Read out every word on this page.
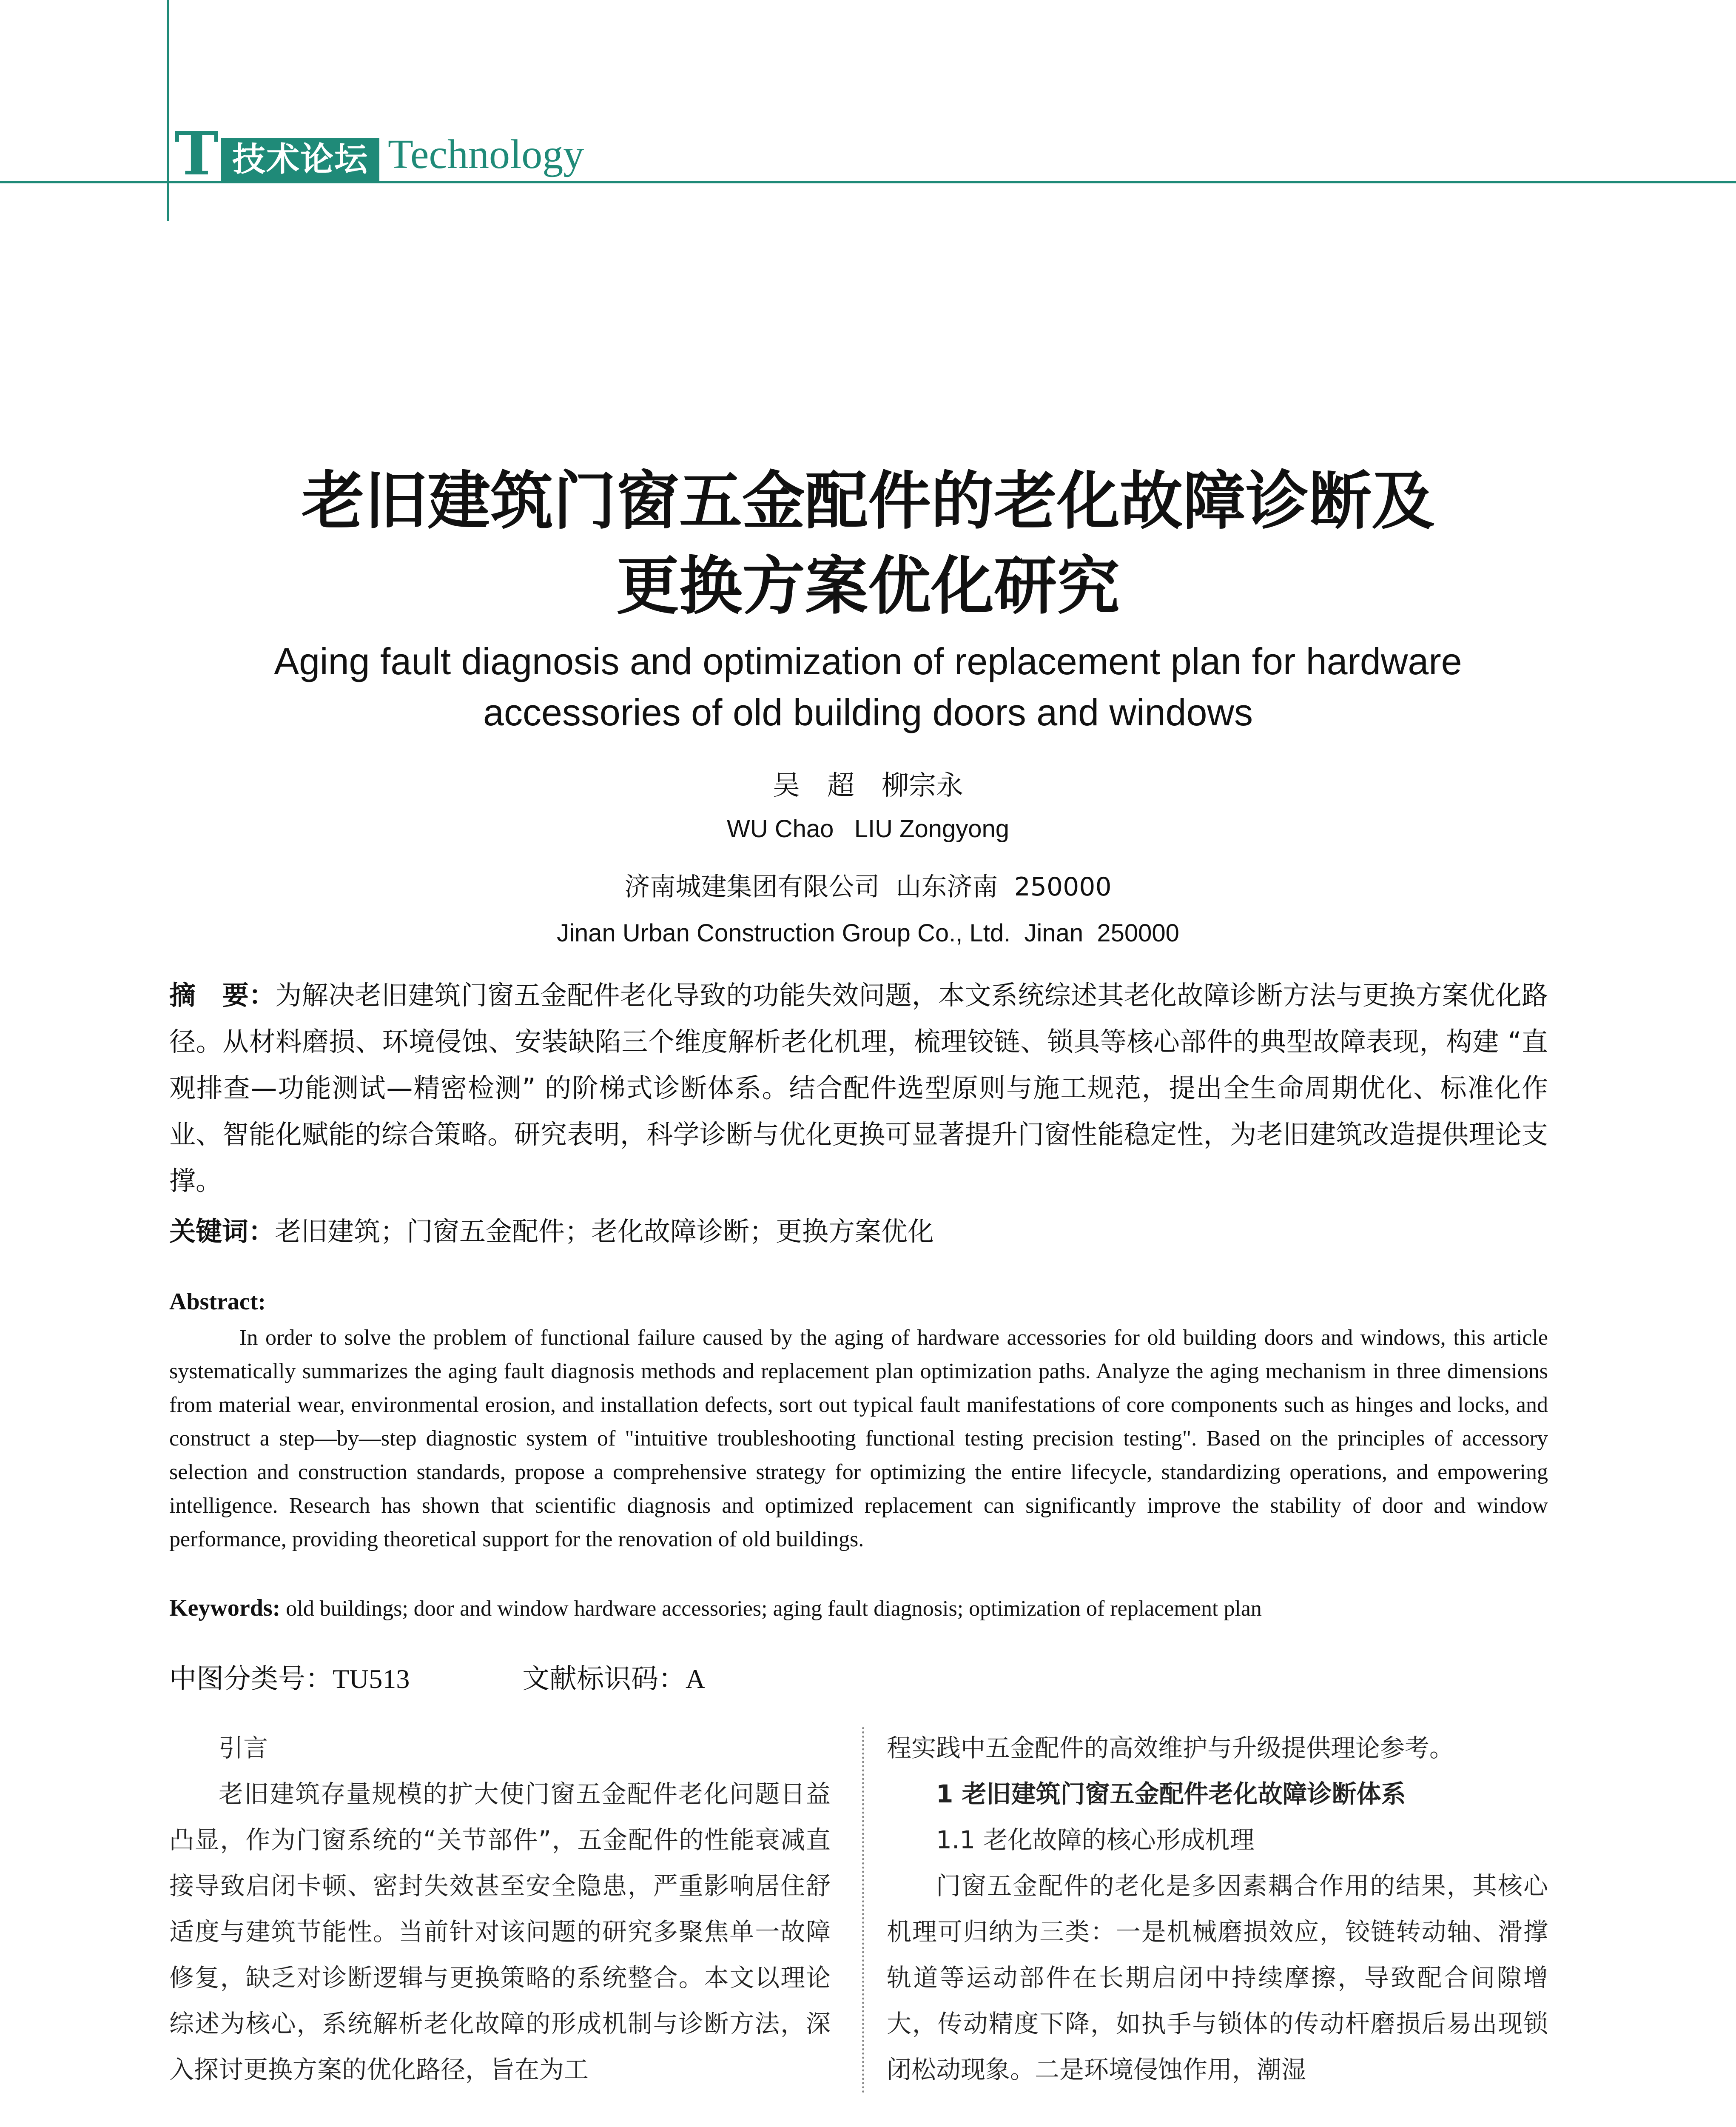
T 技术论坛 Technology
老旧建筑门窗五金配件的老化故障诊断及
更换方案优化研究
Aging fault diagnosis and optimization of replacement plan for hardware
accessories of old building doors and windows
吴　超　柳宗永
WU Chao   LIU Zongyong
济南城建集团有限公司  山东济南  250000
Jinan Urban Construction Group Co., Ltd.  Jinan  250000
摘　要：为解决老旧建筑门窗五金配件老化导致的功能失效问题，本文系统综述其老化故障诊断方法与更换方案优化路径。从材料磨损、环境侵蚀、安装缺陷三个维度解析老化机理，梳理铰链、锁具等核心部件的典型故障表现，构建 “直观排查—功能测试—精密检测” 的阶梯式诊断体系。结合配件选型原则与施工规范，提出全生命周期优化、标准化作业、智能化赋能的综合策略。研究表明，科学诊断与优化更换可显著提升门窗性能稳定性，为老旧建筑改造提供理论支撑。
关键词：老旧建筑；门窗五金配件；老化故障诊断；更换方案优化
Abstract:
In order to solve the problem of functional failure caused by the aging of hardware accessories for old building doors and windows, this article systematically summarizes the aging fault diagnosis methods and replacement plan optimization paths. Analyze the aging mechanism in three dimensions from material wear, environmental erosion, and installation defects, sort out typical fault manifestations of core components such as hinges and locks, and construct a step—by—step diagnostic system of "intuitive troubleshooting functional testing precision testing". Based on the principles of accessory selection and construction standards, propose a comprehensive strategy for optimizing the entire lifecycle, standardizing operations, and empowering intelligence. Research has shown that scientific diagnosis and optimized replacement can significantly improve the stability of door and window performance, providing theoretical support for the renovation of old buildings.
Keywords: old buildings; door and window hardware accessories; aging fault diagnosis; optimization of replacement plan
中图分类号：TU513	文献标识码：A

引言

老旧建筑存量规模的扩大使门窗五金配件老化问题日益凸显，作为门窗系统的“关节部件”，五金配件的性能衰减直接导致启闭卡顿、密封失效甚至安全隐患，严重影响居住舒适度与建筑节能性。当前针对该问题的研究多聚焦单一故障修复，缺乏对诊断逻辑与更换策略的系统整合。本文以理论综述为核心，系统解析老化故障的形成机制与诊断方法，深入探讨更换方案的优化路径，旨在为工

程实践中五金配件的高效维护与升级提供理论参考。

1 老旧建筑门窗五金配件老化故障诊断体系

1.1 老化故障的核心形成机理

门窗五金配件的老化是多因素耦合作用的结果，其核心机理可归纳为三类：一是机械磨损效应，铰链转动轴、滑撑轨道等运动部件在长期启闭中持续摩擦，导致配合间隙增大，传动精度下降，如执手与锁体的传动杆磨损后易出现锁闭松动现象。二是环境侵蚀作用，潮湿
